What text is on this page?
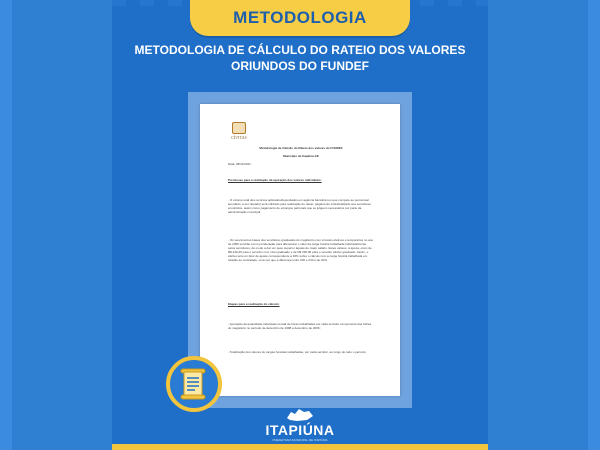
METODOLOGIA
METODOLOGIA DE CÁLCULO DO RATEIO DOS VALORES
ORIUNDOS DO FUNDEF
CÍVITAS

Metodologia de Cálculo do Rateio dos valores do FUNDEF

Município de Itapiúna-CE

Data: 08/11/2021

Premissas para a realização da apuração dos valores individuais:

- O volume total dos recursos aplicados/depositados em agência bancária (ou que compete ao percentual acordado, a ser rateado) será utilizado para realização do rateio; pagamento individualizado aos servidores envolvidos, assim como pagamento de encargos patronais que se julguem necessários por parte da administração municipal.

- Os vencimentos bases dos servidores graduados do magistério com vínculos efetivos e temporários no ano de 2006 servirão como ponderação para diferenciar o valor da carga horária trabalhada individualmente pelos servidores, de modo a dar um peso superior àquele de maior salário. Estes valores, à época, eram de R$ 240,00 para o servidor com nível graduado e de R$ 336,00 para o servidor efetivo graduado. Assim, o efetivo terá um fator de ajuste correspondente a 40% sobre o cálculo com a carga horária trabalhada em relação ao contratado, uma vez que a diferença entre 336 e 240 é de 40%.

Etapas para a realização do cálculo:

- Apuração da quantidade individual mensal de horas trabalhadas por cada servidor componente das folhas do magistério no período de dezembro de 1998 a dezembro de 2006;

- Totalização dos valores de cargas horárias trabalhadas, por cada servidor, ao longo de todo o período;

ITAPIÚNA
PREFEITURA MUNICIPAL DE ITAPIÚNA
